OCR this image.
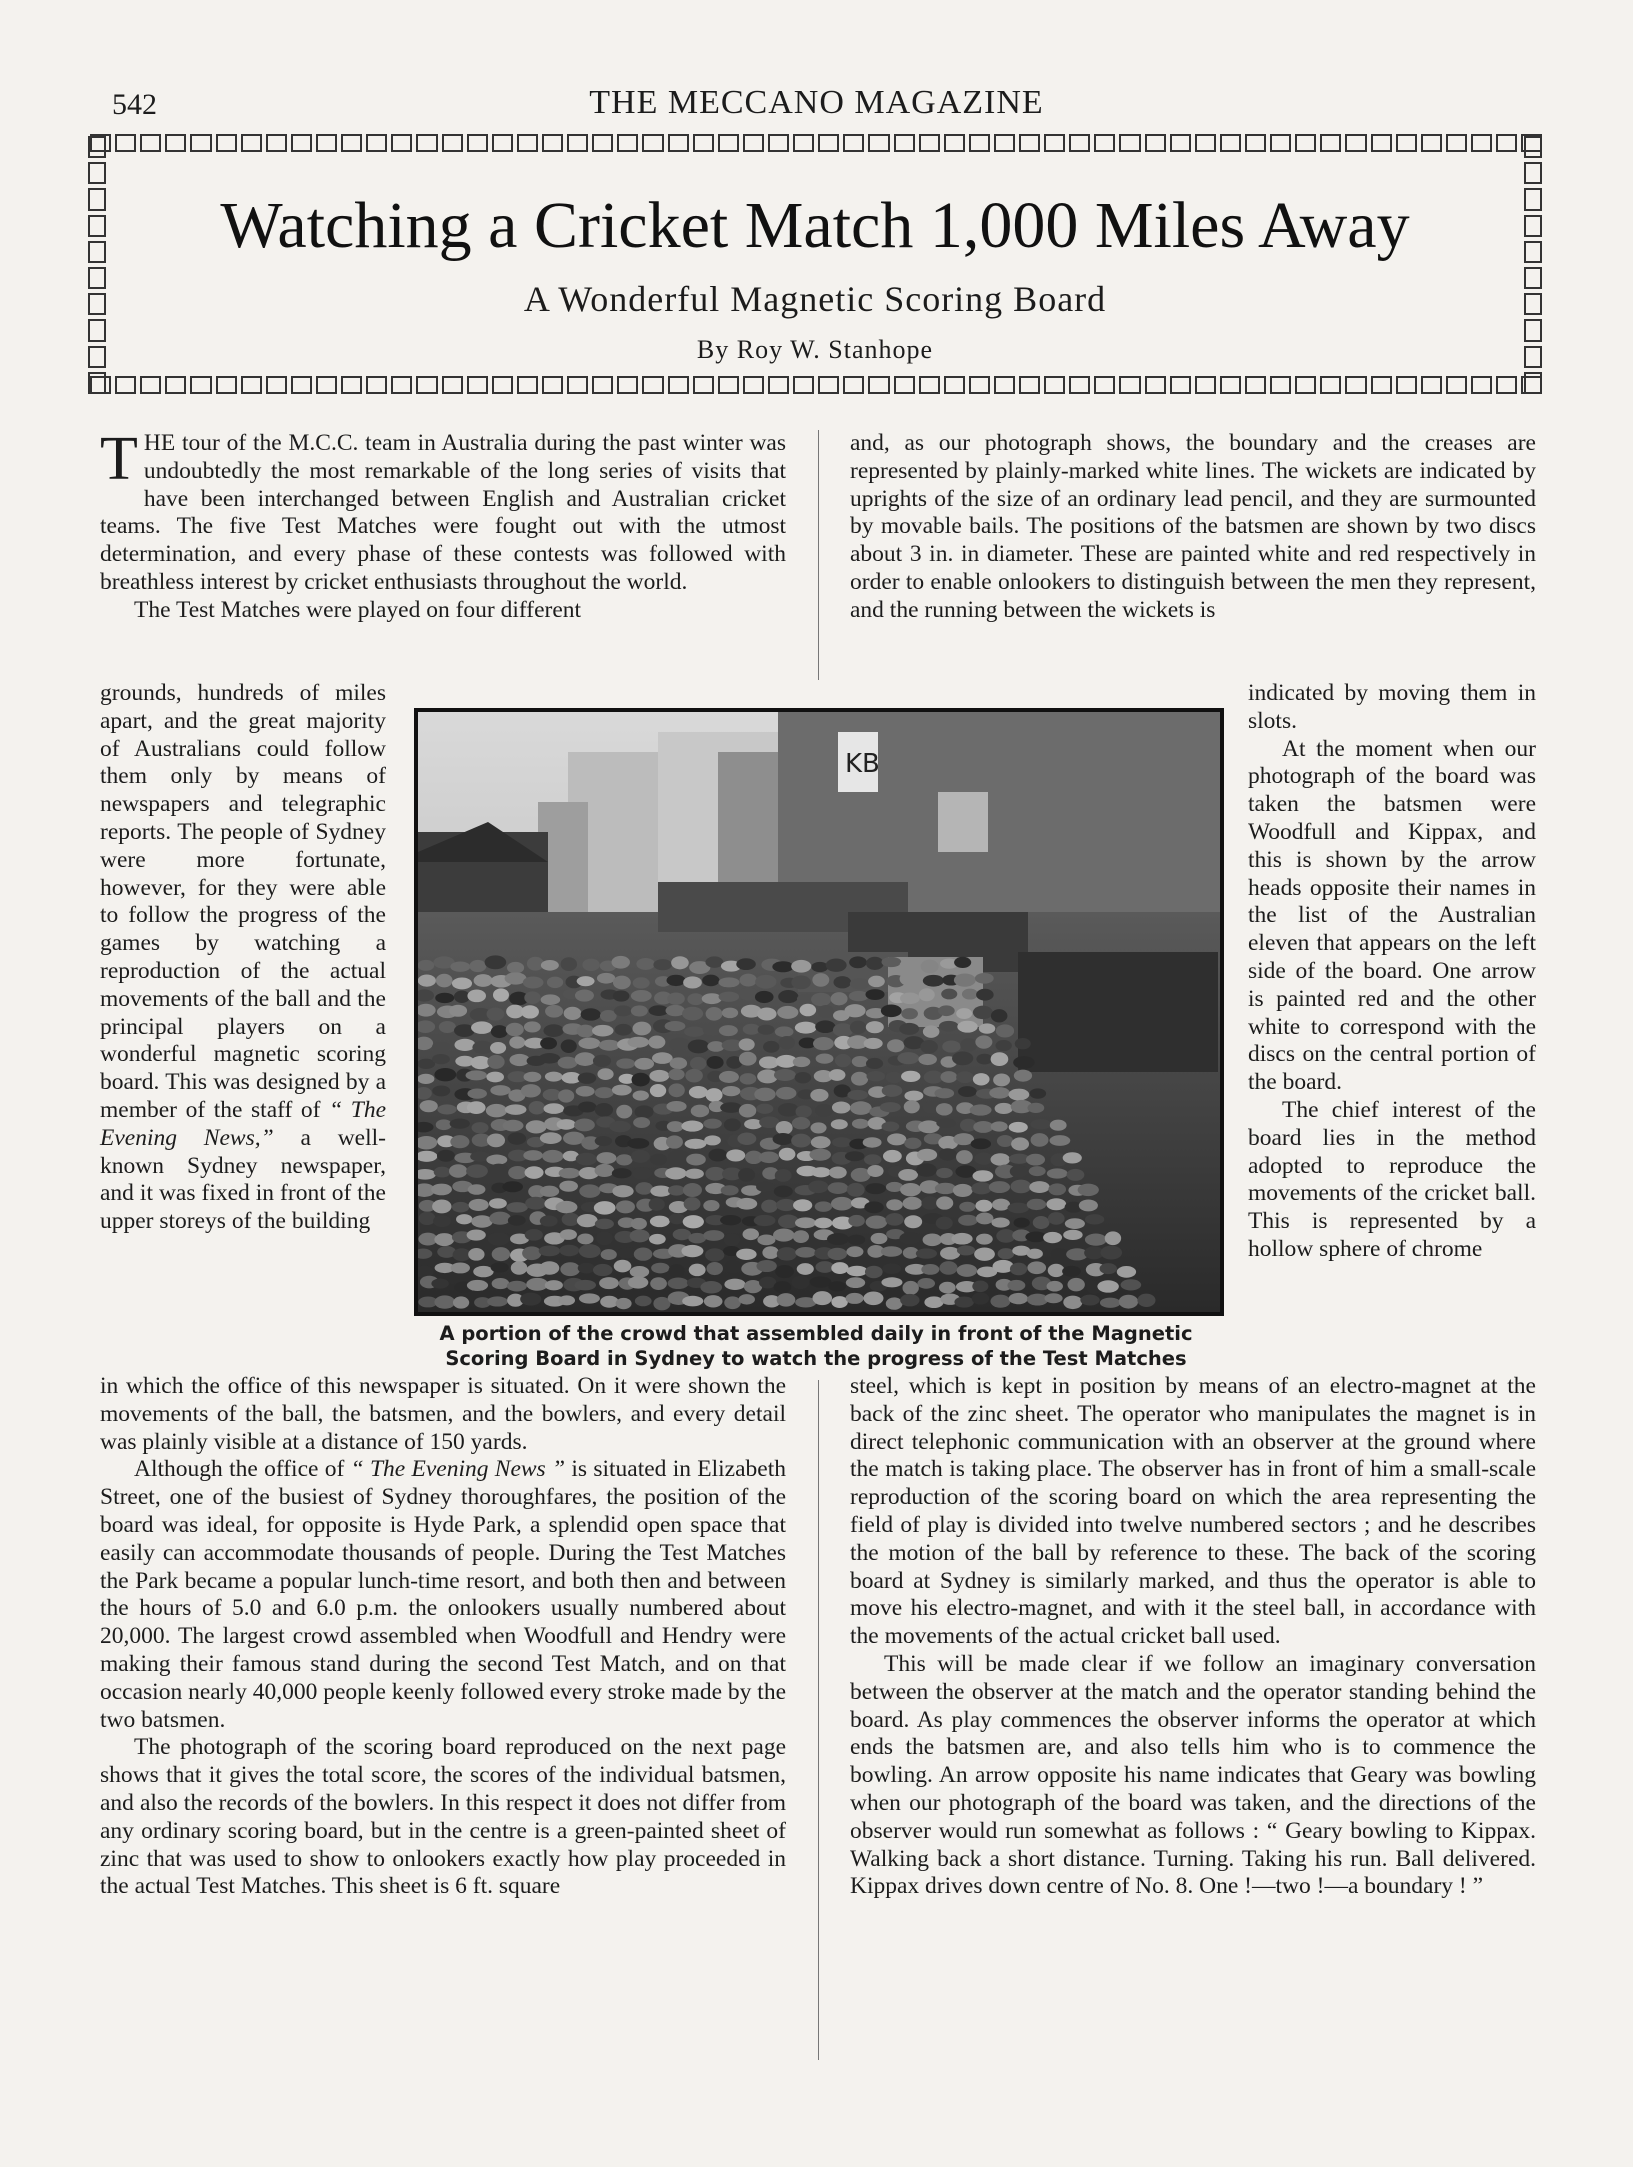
542	THE MECCANO MAGAZINE
Watching a Cricket Match 1,000 Miles Away
A Wonderful Magnetic Scoring Board
By Roy W. Stanhope

THE tour of the M.C.C. team in Australia during the past winter was undoubtedly the most remarkable of the long series of visits that have been interchanged between English and Australian cricket teams. The five Test Matches were fought out with the utmost determination, and every phase of these contests was followed with breathless interest by cricket enthusiasts throughout the world.

The Test Matches were played on four different

grounds, hundreds of miles apart, and the great majority of Australians could follow them only by means of newspapers and telegraphic reports. The people of Sydney were more fortunate, however, for they were able to follow the progress of the games by watching a reproduction of the actual movements of the ball and the principal players on a wonderful magnetic scoring board. This was designed by a member of the staff of “ The Evening News,” a well-known Sydney newspaper, and it was fixed in front of the upper storeys of the building

in which the office of this newspaper is situated. On it were shown the movements of the ball, the batsmen, and the bowlers, and every detail was plainly visible at a distance of 150 yards.

Although the office of “ The Evening News ” is situated in Elizabeth Street, one of the busiest of Sydney thoroughfares, the position of the board was ideal, for opposite is Hyde Park, a splendid open space that easily can accommodate thousands of people. During the Test Matches the Park became a popular lunch-time resort, and both then and between the hours of 5.0 and 6.0 p.m. the onlookers usually numbered about 20,000. The largest crowd assembled when Woodfull and Hendry were making their famous stand during the second Test Match, and on that occasion nearly 40,000 people keenly followed every stroke made by the two batsmen.

The photograph of the scoring board reproduced on the next page shows that it gives the total score, the scores of the individual batsmen, and also the records of the bowlers. In this respect it does not differ from any ordinary scoring board, but in the centre is a green-painted sheet of zinc that was used to show to onlookers exactly how play proceeded in the actual Test Matches. This sheet is 6 ft. square

and, as our photograph shows, the boundary and the creases are represented by plainly-marked white lines. The wickets are indicated by uprights of the size of an ordinary lead pencil, and they are surmounted by movable bails. The positions of the batsmen are shown by two discs about 3 in. in diameter. These are painted white and red respectively in order to enable onlookers to distinguish between the men they represent, and the running between the wickets is

indicated by moving them in slots.

At the moment when our photograph of the board was taken the batsmen were Woodfull and Kippax, and this is shown by the arrow heads opposite their names in the list of the Australian eleven that appears on the left side of the board. One arrow is painted red and the other white to correspond with the discs on the central portion of the board.

The chief interest of the board lies in the method adopted to reproduce the movements of the cricket ball. This is represented by a hollow sphere of chrome

steel, which is kept in position by means of an electro-magnet at the back of the zinc sheet. The operator who manipulates the magnet is in direct telephonic communication with an observer at the ground where the match is taking place. The observer has in front of him a small-scale reproduction of the scoring board on which the area representing the field of play is divided into twelve numbered sectors ; and he describes the motion of the ball by reference to these. The back of the scoring board at Sydney is similarly marked, and thus the operator is able to move his electro-magnet, and with it the steel ball, in accordance with the movements of the actual cricket ball used.

This will be made clear if we follow an imaginary conversation between the observer at the match and the operator standing behind the board. As play commences the observer informs the operator at which ends the batsmen are, and also tells him who is to commence the bowling. An arrow opposite his name indicates that Geary was bowling when our photograph of the board was taken, and the directions of the observer would run somewhat as follows : “ Geary bowling to Kippax. Walking back a short distance. Turning. Taking his run. Ball delivered. Kippax drives down centre of No. 8. One !—two !—a boundary ! ”

KB
A portion of the crowd that assembled daily in front of the Magnetic Scoring Board in Sydney to watch the progress of the Test Matches
